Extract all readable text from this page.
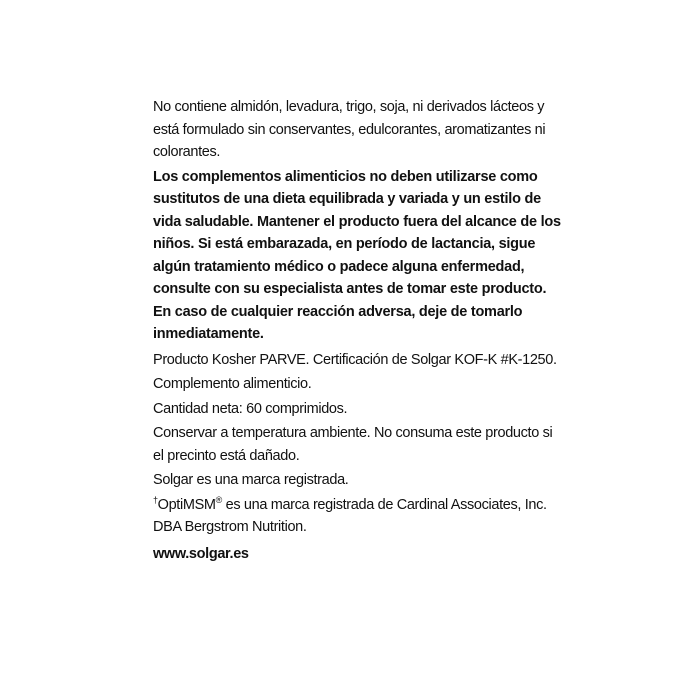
No contiene almidón, levadura, trigo, soja, ni derivados lácteos y está formulado sin conservantes, edulcorantes, aromatizantes ni colorantes.

Los complementos alimenticios no deben utilizarse como sustitutos de una dieta equilibrada y variada y un estilo de vida saludable. Mantener el producto fuera del alcance de los niños. Si está embarazada, en período de lactancia, sigue algún tratamiento médico o padece alguna enfermedad, consulte con su especialista antes de tomar este producto. En caso de cualquier reacción adversa, deje de tomarlo inmediatamente.

Producto Kosher PARVE. Certificación de Solgar KOF-K #K-1250.

Complemento alimenticio.

Cantidad neta: 60 comprimidos.

Conservar a temperatura ambiente. No consuma este producto si el precinto está dañado.

Solgar es una marca registrada.

†OptiMSM® es una marca registrada de Cardinal Associates, Inc. DBA Bergstrom Nutrition.

www.solgar.es
